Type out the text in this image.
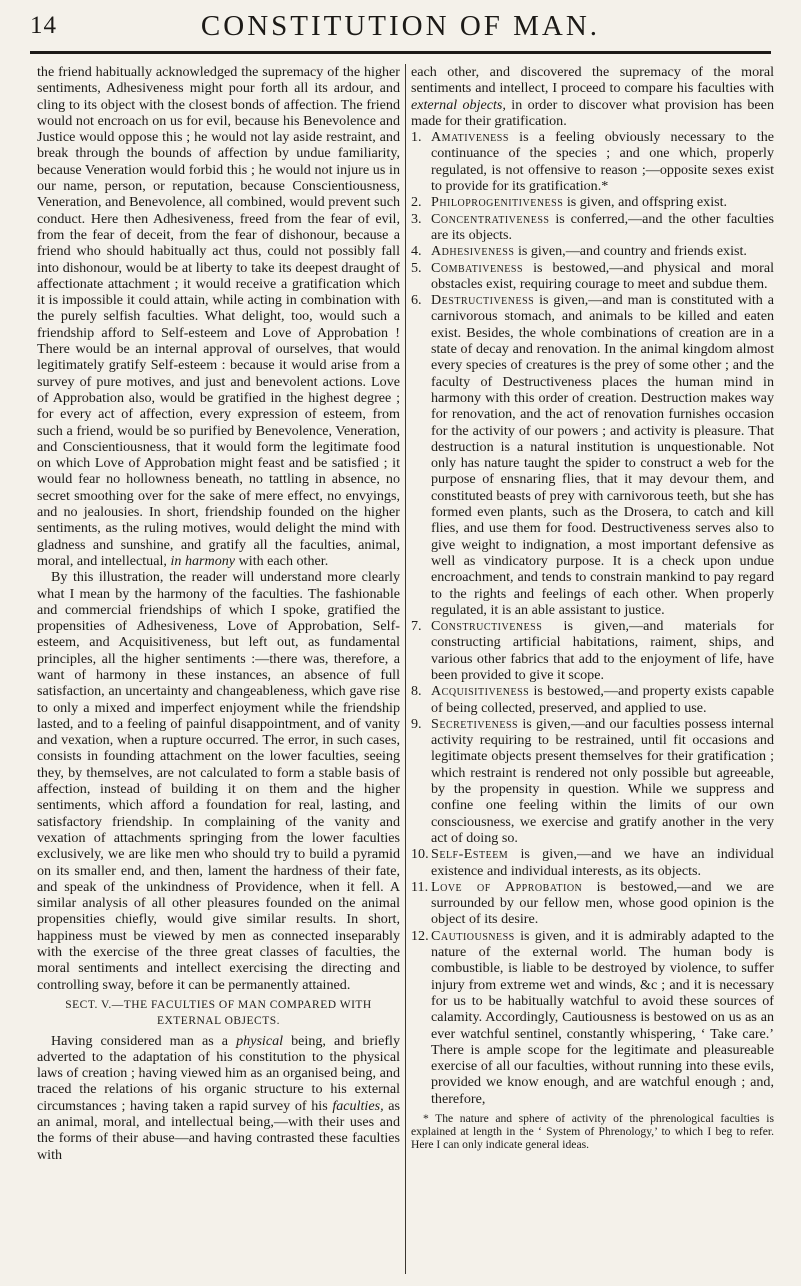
14	CONSTITUTION OF MAN.

the friend habitually acknowledged the supremacy of the higher sentiments, Adhesiveness might pour forth all its ardour, and cling to its object with the closest bonds of affection. The friend would not encroach on us for evil, because his Benevolence and Justice would oppose this ; he would not lay aside restraint, and break through the bounds of affection by undue familiarity, because Veneration would forbid this ; he would not injure us in our name, person, or reputation, because Conscientiousness, Veneration, and Benevolence, all combined, would prevent such conduct. Here then Adhesiveness, freed from the fear of evil, from the fear of deceit, from the fear of dishonour, because a friend who should habitually act thus, could not possibly fall into dishonour, would be at liberty to take its deepest draught of affectionate attachment ; it would receive a gratification which it is impossible it could attain, while acting in combination with the purely selfish faculties. What delight, too, would such a friendship afford to Self-esteem and Love of Approbation ! There would be an internal approval of ourselves, that would legitimately gratify Self-esteem : because it would arise from a survey of pure motives, and just and benevolent actions. Love of Approbation also, would be gratified in the highest degree ; for every act of affection, every expression of esteem, from such a friend, would be so purified by Benevolence, Veneration, and Conscientiousness, that it would form the legitimate food on which Love of Approbation might feast and be satisfied ; it would fear no hollowness beneath, no tattling in absence, no secret smoothing over for the sake of mere effect, no envyings, and no jealousies. In short, friendship founded on the higher sentiments, as the ruling motives, would delight the mind with gladness and sunshine, and gratify all the faculties, animal, moral, and intellectual, in harmony with each other.

By this illustration, the reader will understand more clearly what I mean by the harmony of the faculties. The fashionable and commercial friendships of which I spoke, gratified the propensities of Adhesiveness, Love of Approbation, Self-esteem, and Acquisitiveness, but left out, as fundamental principles, all the higher sentiments :—there was, therefore, a want of harmony in these instances, an absence of full satisfaction, an uncertainty and changeableness, which gave rise to only a mixed and imperfect enjoyment while the friendship lasted, and to a feeling of painful disappointment, and of vanity and vexation, when a rupture occurred. The error, in such cases, consists in founding attachment on the lower faculties, seeing they, by themselves, are not calculated to form a stable basis of affection, instead of building it on them and the higher sentiments, which afford a foundation for real, lasting, and satisfactory friendship. In complaining of the vanity and vexation of attachments springing from the lower faculties exclusively, we are like men who should try to build a pyramid on its smaller end, and then, lament the hardness of their fate, and speak of the unkindness of Providence, when it fell. A similar analysis of all other pleasures founded on the animal propensities chiefly, would give similar results. In short, happiness must be viewed by men as connected inseparably with the exercise of the three great classes of faculties, the moral sentiments and intellect exercising the directing and controlling sway, before it can be permanently attained.

SECT. V.—THE FACULTIES OF MAN COMPARED WITH EXTERNAL OBJECTS.

Having considered man as a physical being, and briefly adverted to the adaptation of his constitution to the physical laws of creation ; having viewed him as an organised being, and traced the relations of his organic structure to his external circumstances ; having taken a rapid survey of his faculties, as an animal, moral, and intellectual being,—with their uses and the forms of their abuse—and having contrasted these faculties with

each other, and discovered the supremacy of the moral sentiments and intellect, I proceed to compare his faculties with external objects, in order to discover what provision has been made for their gratification.

1. Amativeness is a feeling obviously necessary to the continuance of the species ; and one which, properly regulated, is not offensive to reason ;—opposite sexes exist to provide for its gratification.*

2. Philoprogenitiveness is given, and offspring exist.

3. Concentrativeness is conferred,—and the other faculties are its objects.

4. Adhesiveness is given,—and country and friends exist.

5. Combativeness is bestowed,—and physical and moral obstacles exist, requiring courage to meet and subdue them.

6. Destructiveness is given,—and man is constituted with a carnivorous stomach, and animals to be killed and eaten exist. Besides, the whole combinations of creation are in a state of decay and renovation. In the animal kingdom almost every species of creatures is the prey of some other ; and the faculty of Destructiveness places the human mind in harmony with this order of creation. Destruction makes way for renovation, and the act of renovation furnishes occasion for the activity of our powers ; and activity is pleasure. That destruction is a natural institution is unquestionable. Not only has nature taught the spider to construct a web for the purpose of ensnaring flies, that it may devour them, and constituted beasts of prey with carnivorous teeth, but she has formed even plants, such as the Drosera, to catch and kill flies, and use them for food. Destructiveness serves also to give weight to indignation, a most important defensive as well as vindicatory purpose. It is a check upon undue encroachment, and tends to constrain mankind to pay regard to the rights and feelings of each other. When properly regulated, it is an able assistant to justice.

7. Constructiveness is given,—and materials for constructing artificial habitations, raiment, ships, and various other fabrics that add to the enjoyment of life, have been provided to give it scope.

8. Acquisitiveness is bestowed,—and property exists capable of being collected, preserved, and applied to use.

9. Secretiveness is given,—and our faculties possess internal activity requiring to be restrained, until fit occasions and legitimate objects present themselves for their gratification ; which restraint is rendered not only possible but agreeable, by the propensity in question. While we suppress and confine one feeling within the limits of our own consciousness, we exercise and gratify another in the very act of doing so.

10. Self-Esteem is given,—and we have an individual existence and individual interests, as its objects.

11. Love of Approbation is bestowed,—and we are surrounded by our fellow men, whose good opinion is the object of its desire.

12. Cautiousness is given, and it is admirably adapted to the nature of the external world. The human body is combustible, is liable to be destroyed by violence, to suffer injury from extreme wet and winds, &c ; and it is necessary for us to be habitually watchful to avoid these sources of calamity. Accordingly, Cautiousness is bestowed on us as an ever watchful sentinel, constantly whispering, ‘ Take care.’ There is ample scope for the legitimate and pleasureable exercise of all our faculties, without running into these evils, provided we know enough, and are watchful enough ; and, therefore,

* The nature and sphere of activity of the phrenological faculties is explained at length in the ‘ System of Phrenology,’ to which I beg to refer. Here I can only indicate general ideas.
